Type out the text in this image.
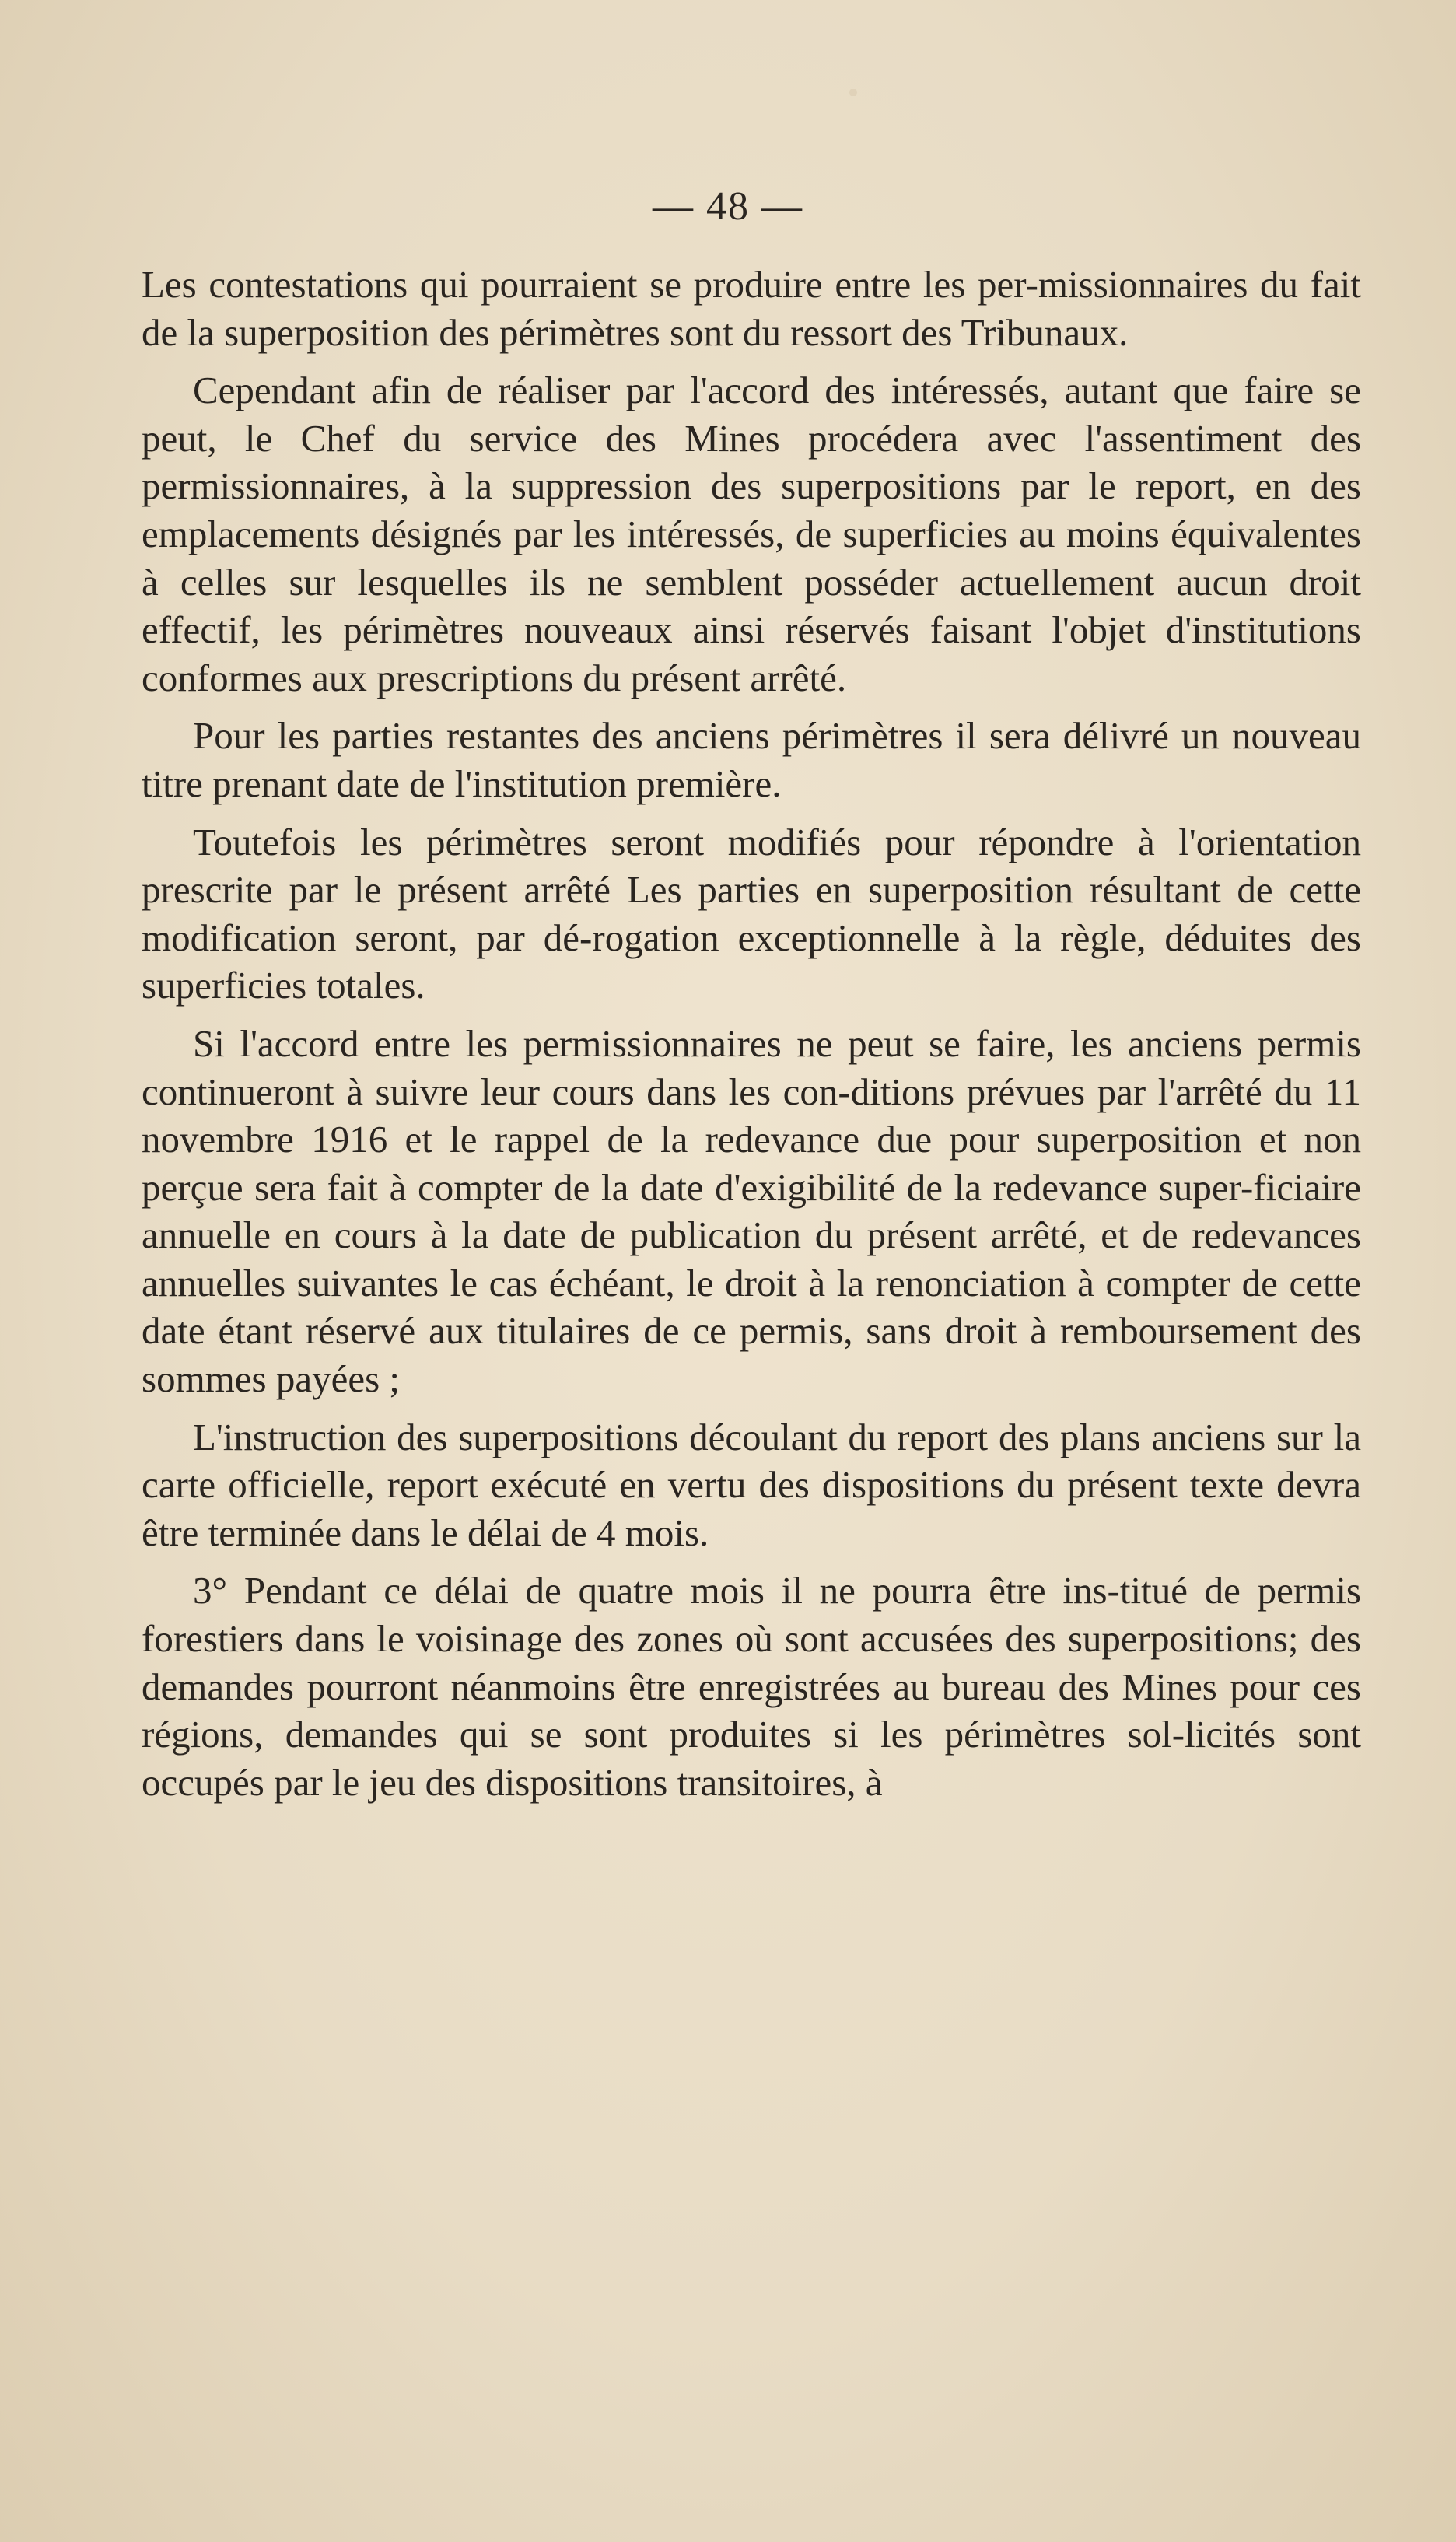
— 48 —

Les contestations qui pourraient se produire entre les per-missionnaires du fait de la superposition des périmètres sont du ressort des Tribunaux.

Cependant afin de réaliser par l'accord des intéressés, autant que faire se peut, le Chef du service des Mines procédera avec l'assentiment des permissionnaires, à la suppression des superpositions par le report, en des emplacements désignés par les intéressés, de superficies au moins équivalentes à celles sur lesquelles ils ne semblent posséder actuellement aucun droit effectif, les périmètres nouveaux ainsi réservés faisant l'objet d'institutions conformes aux prescriptions du présent arrêté.

Pour les parties restantes des anciens périmètres il sera délivré un nouveau titre prenant date de l'institution première.

Toutefois les périmètres seront modifiés pour répondre à l'orientation prescrite par le présent arrêté Les parties en superposition résultant de cette modification seront, par dé-rogation exceptionnelle à la règle, déduites des superficies totales.

Si l'accord entre les permissionnaires ne peut se faire, les anciens permis continueront à suivre leur cours dans les con-ditions prévues par l'arrêté du 11 novembre 1916 et le rappel de la redevance due pour superposition et non perçue sera fait à compter de la date d'exigibilité de la redevance super-ficiaire annuelle en cours à la date de publication du présent arrêté, et de redevances annuelles suivantes le cas échéant, le droit à la renonciation à compter de cette date étant réservé aux titulaires de ce permis, sans droit à remboursement des sommes payées ;

L'instruction des superpositions découlant du report des plans anciens sur la carte officielle, report exécuté en vertu des dispositions du présent texte devra être terminée dans le délai de 4 mois.

3° Pendant ce délai de quatre mois il ne pourra être ins-titué de permis forestiers dans le voisinage des zones où sont accusées des superpositions; des demandes pourront néanmoins être enregistrées au bureau des Mines pour ces régions, demandes qui se sont produites si les périmètres sol-licités sont occupés par le jeu des dispositions transitoires, à
